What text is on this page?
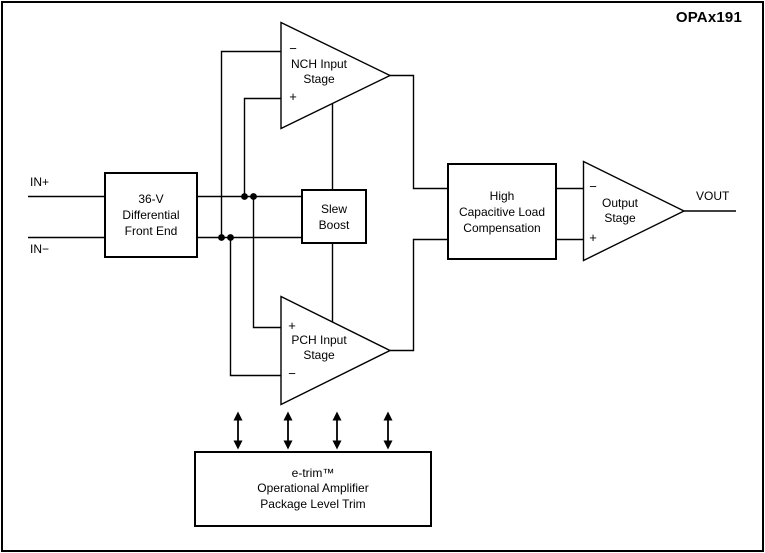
OPAx191
IN+
IN−
VOUT
36-V
Differential
Front End
Slew
Boost
High
Capacitive Load
Compensation
e-trim™
Operational Amplifier
Package Level Trim
NCH Input
Stage
−
+
PCH Input
Stage
+
−
Output
Stage
−
+
